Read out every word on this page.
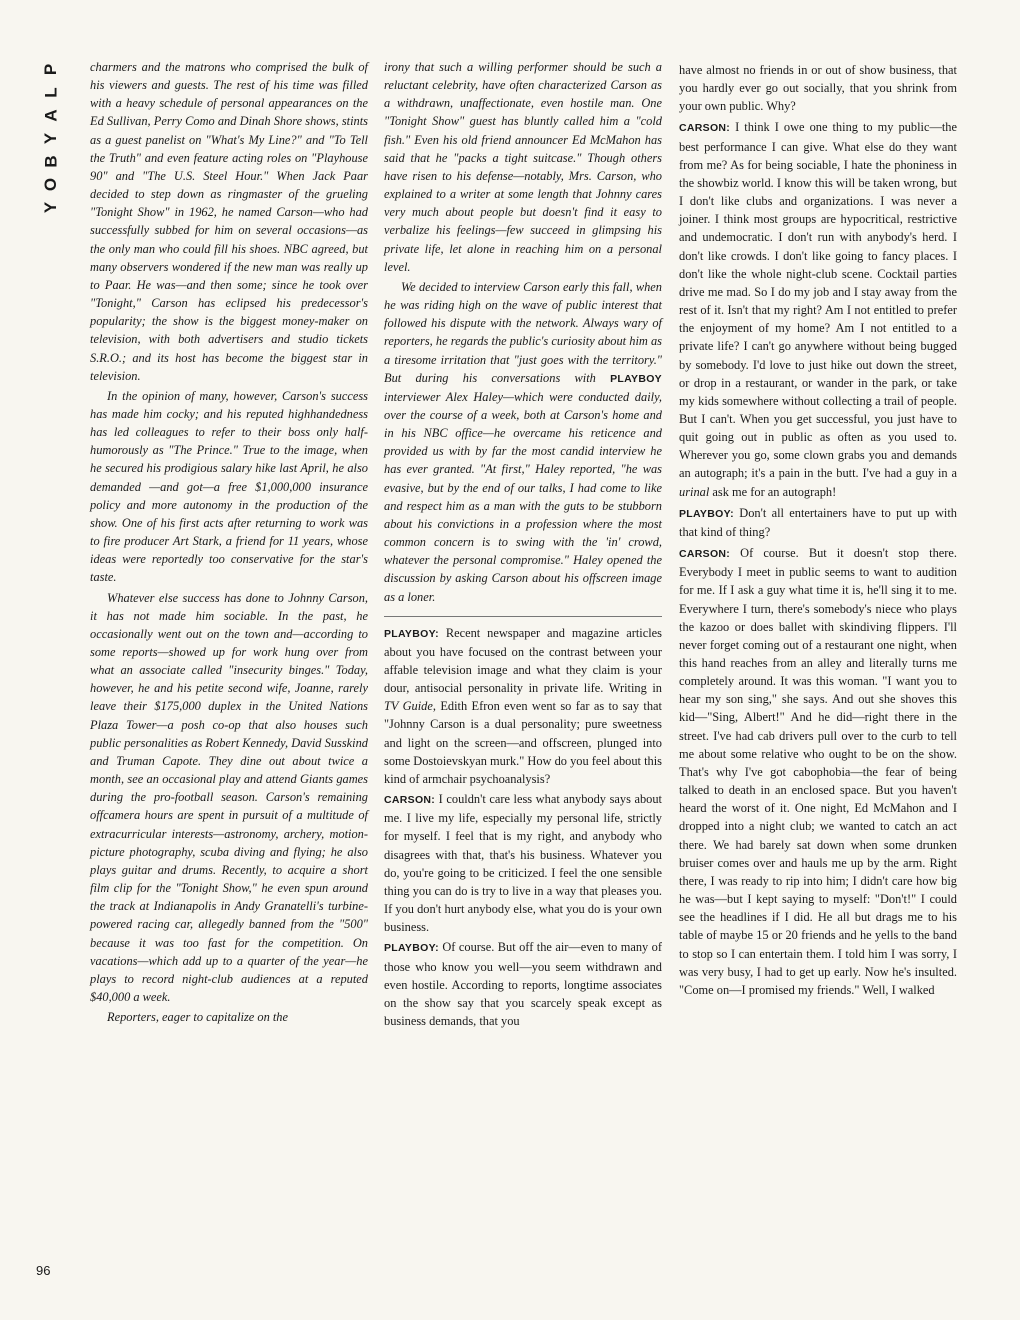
P
L
A
Y
B
O
Y
96

charmers and the matrons who comprised the bulk of his viewers and guests. The rest of his time was filled with a heavy schedule of personal appearances on the Ed Sullivan, Perry Como and Dinah Shore shows, stints as a guest panelist on "What's My Line?" and "To Tell the Truth" and even feature acting roles on "Playhouse 90" and "The U.S. Steel Hour." When Jack Paar decided to step down as ringmaster of the grueling "Tonight Show" in 1962, he named Carson—who had successfully subbed for him on several occasions—as the only man who could fill his shoes. NBC agreed, but many observers wondered if the new man was really up to Paar. He was—and then some; since he took over "Tonight," Carson has eclipsed his predecessor's popularity; the show is the biggest money-maker on television, with both advertisers and studio tickets S.R.O.; and its host has become the biggest star in television.

In the opinion of many, however, Carson's success has made him cocky; and his reputed highhandedness has led colleagues to refer to their boss only half-humorously as "The Prince." True to the image, when he secured his prodigious salary hike last April, he also demanded —and got—a free $1,000,000 insurance policy and more autonomy in the production of the show. One of his first acts after returning to work was to fire producer Art Stark, a friend for 11 years, whose ideas were reportedly too conservative for the star's taste.

Whatever else success has done to Johnny Carson, it has not made him sociable. In the past, he occasionally went out on the town and—according to some reports—showed up for work hung over from what an associate called "insecurity binges." Today, however, he and his petite second wife, Joanne, rarely leave their $175,000 duplex in the United Nations Plaza Tower—a posh co-op that also houses such public personalities as Robert Kennedy, David Susskind and Truman Capote. They dine out about twice a month, see an occasional play and attend Giants games during the pro-football season. Carson's remaining offcamera hours are spent in pursuit of a multitude of extracurricular interests—astronomy, archery, motion-picture photography, scuba diving and flying; he also plays guitar and drums. Recently, to acquire a short film clip for the "Tonight Show," he even spun around the track at Indianapolis in Andy Granatelli's turbine-powered racing car, allegedly banned from the "500" because it was too fast for the competition. On vacations—which add up to a quarter of the year—he plays to record night-club audiences at a reputed $40,000 a week.

Reporters, eager to capitalize on the

irony that such a willing performer should be such a reluctant celebrity, have often characterized Carson as a withdrawn, unaffectionate, even hostile man. One "Tonight Show" guest has bluntly called him a "cold fish." Even his old friend announcer Ed McMahon has said that he "packs a tight suitcase." Though others have risen to his defense—notably, Mrs. Carson, who explained to a writer at some length that Johnny cares very much about people but doesn't find it easy to verbalize his feelings—few succeed in glimpsing his private life, let alone in reaching him on a personal level.

We decided to interview Carson early this fall, when he was riding high on the wave of public interest that followed his dispute with the network. Always wary of reporters, he regards the public's curiosity about him as a tiresome irritation that "just goes with the territory." But during his conversations with PLAYBOY interviewer Alex Haley—which were conducted daily, over the course of a week, both at Carson's home and in his NBC office—he overcame his reticence and provided us with by far the most candid interview he has ever granted. "At first," Haley reported, "he was evasive, but by the end of our talks, I had come to like and respect him as a man with the guts to be stubborn about his convictions in a profession where the most common concern is to swing with the 'in' crowd, whatever the personal compromise." Haley opened the discussion by asking Carson about his offscreen image as a loner.

PLAYBOY: Recent newspaper and magazine articles about you have focused on the contrast between your affable television image and what they claim is your dour, antisocial personality in private life. Writing in TV Guide, Edith Efron even went so far as to say that "Johnny Carson is a dual personality; pure sweetness and light on the screen—and offscreen, plunged into some Dostoievskyan murk." How do you feel about this kind of armchair psychoanalysis?

CARSON: I couldn't care less what anybody says about me. I live my life, especially my personal life, strictly for myself. I feel that is my right, and anybody who disagrees with that, that's his business. Whatever you do, you're going to be criticized. I feel the one sensible thing you can do is try to live in a way that pleases you. If you don't hurt anybody else, what you do is your own business.

PLAYBOY: Of course. But off the air—even to many of those who know you well—you seem withdrawn and even hostile. According to reports, longtime associates on the show say that you scarcely speak except as business demands, that you

have almost no friends in or out of show business, that you hardly ever go out socially, that you shrink from your own public. Why?

CARSON: I think I owe one thing to my public—the best performance I can give. What else do they want from me? As for being sociable, I hate the phoniness in the showbiz world. I know this will be taken wrong, but I don't like clubs and organizations. I was never a joiner. I think most groups are hypocritical, restrictive and undemocratic. I don't run with anybody's herd. I don't like crowds. I don't like going to fancy places. I don't like the whole night-club scene. Cocktail parties drive me mad. So I do my job and I stay away from the rest of it. Isn't that my right? Am I not entitled to prefer the enjoyment of my home? Am I not entitled to a private life? I can't go anywhere without being bugged by somebody. I'd love to just hike out down the street, or drop in a restaurant, or wander in the park, or take my kids somewhere without collecting a trail of people. But I can't. When you get successful, you just have to quit going out in public as often as you used to. Wherever you go, some clown grabs you and demands an autograph; it's a pain in the butt. I've had a guy in a urinal ask me for an autograph!

PLAYBOY: Don't all entertainers have to put up with that kind of thing?

CARSON: Of course. But it doesn't stop there. Everybody I meet in public seems to want to audition for me. If I ask a guy what time it is, he'll sing it to me. Everywhere I turn, there's somebody's niece who plays the kazoo or does ballet with skindiving flippers. I'll never forget coming out of a restaurant one night, when this hand reaches from an alley and literally turns me completely around. It was this woman. "I want you to hear my son sing," she says. And out she shoves this kid—"Sing, Albert!" And he did—right there in the street. I've had cab drivers pull over to the curb to tell me about some relative who ought to be on the show. That's why I've got cabophobia—the fear of being talked to death in an enclosed space. But you haven't heard the worst of it. One night, Ed McMahon and I dropped into a night club; we wanted to catch an act there. We had barely sat down when some drunken bruiser comes over and hauls me up by the arm. Right there, I was ready to rip into him; I didn't care how big he was—but I kept saying to myself: "Don't!" I could see the headlines if I did. He all but drags me to his table of maybe 15 or 20 friends and he yells to the band to stop so I can entertain them. I told him I was sorry, I was very busy, I had to get up early. Now he's insulted. "Come on—I promised my friends." Well, I walked
